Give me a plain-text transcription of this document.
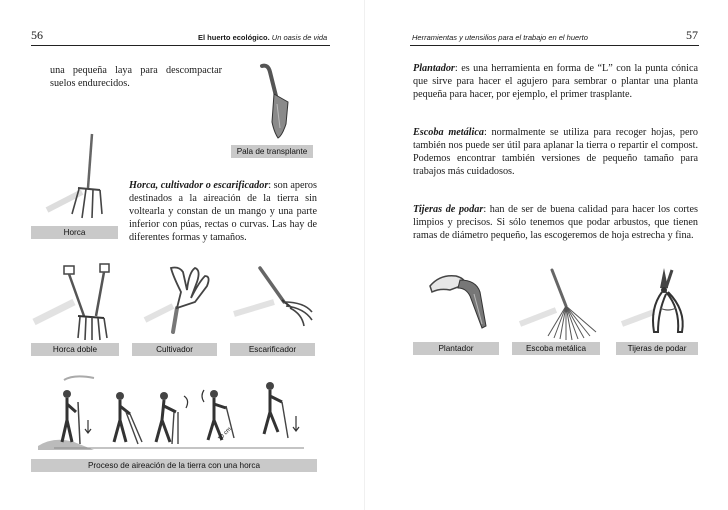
56	El huerto ecológico. Un oasis de vida
una pequeña laya para descompactar suelos endurecidos.
Pala de transplante
Horca
Horca, cultivador o escarificador: son aperos destinados a la aireación de la tierra sin voltearla y constan de un mango y una parte inferior con púas, rectas o curvas. Las hay de diferentes formas y tamaños.
Horca doble	Cultivador	Escarificador
10 cm
Proceso de aireación de la tierra con una horca
Herramientas y utensilios para el trabajo en el huerto	57
Plantador: es una herramienta en forma de “L” con la punta cónica que sirve para hacer el agujero para sembrar o plantar una planta pequeña para hacer, por ejemplo, el primer trasplante.
Escoba metálica: normalmente se utiliza para recoger hojas, pero también nos puede ser útil para aplanar la tierra o repartir el compost. Podemos encontrar también versiones de pequeño tamaño para trabajos más cuidadosos.
Tijeras de podar: han de ser de buena calidad para hacer los cortes limpios y precisos. Si sólo tenemos que podar arbustos, que tienen ramas de diámetro pequeño, las escogeremos de hoja estrecha y fina.
Plantador	Escoba metálica	Tijeras de podar
